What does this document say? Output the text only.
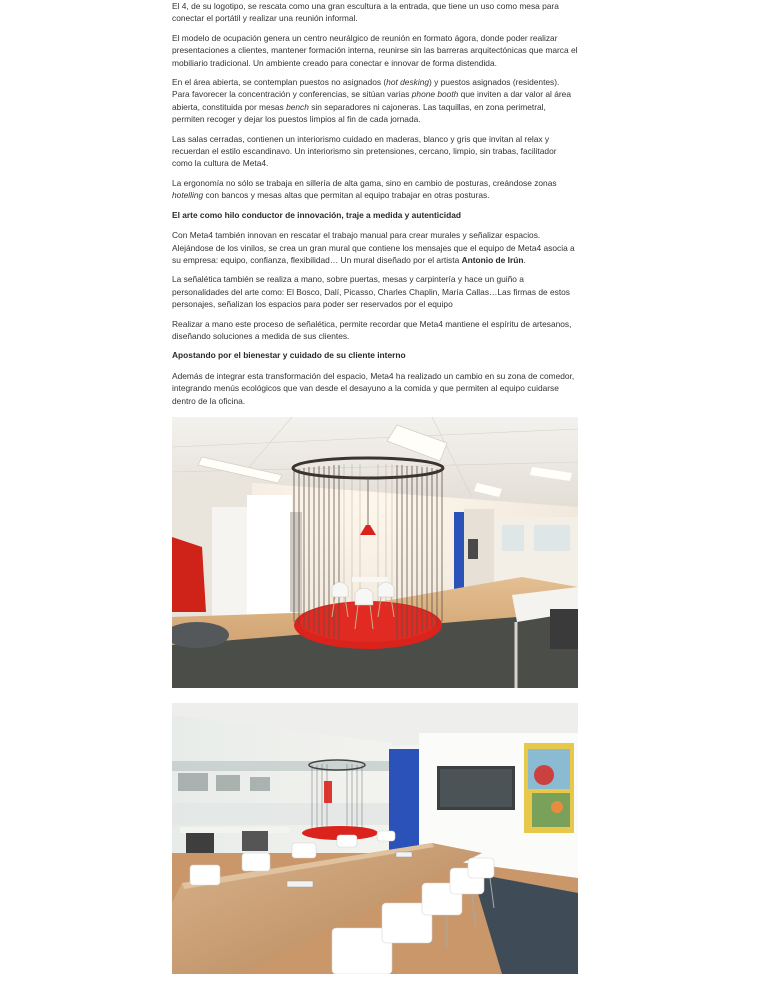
El 4, de su logotipo, se rescata como una gran escultura a la entrada, que tiene un uso como mesa para conectar el portátil y realizar una reunión informal.

El modelo de ocupación genera un centro neurálgico de reunión en formato ágora, donde poder realizar presentaciones a clientes, mantener formación interna, reunirse sin las barreras arquitectónicas que marca el mobiliario tradicional. Un ambiente creado para conectar e innovar de forma distendida.

En el área abierta, se contemplan puestos no asignados (hot desking) y puestos asignados (residentes). Para favorecer la concentración y conferencias, se sitúan varias phone booth que inviten a dar valor al área abierta, constituida por mesas bench sin separadores ni cajoneras. Las taquillas, en zona perimetral, permiten recoger y dejar los puestos limpios al fin de cada jornada.

Las salas cerradas, contienen un interiorismo cuidado en maderas, blanco y gris que invitan al relax y recuerdan el estilo escandinavo. Un interiorismo sin pretensiones, cercano, limpio, sin trabas, facilitador como la cultura de Meta4.

La ergonomía no sólo se trabaja en sillería de alta gama, sino en cambio de posturas, creándose zonas hotelling con bancos y mesas altas que permitan al equipo trabajar en otras posturas.

El arte como hilo conductor de innovación, traje a medida y autenticidad

Con Meta4 también innovan en rescatar el trabajo manual para crear murales y señalizar espacios. Alejándose de los vinilos, se crea un gran mural que contiene los mensajes que el equipo de Meta4 asocia a su empresa: equipo, confianza, flexibilidad… Un mural diseñado por el artista Antonio de Irún.

La señalética también se realiza a mano, sobre puertas, mesas y carpintería y hace un guiño a personalidades del arte como: El Bosco, Dalí, Picasso, Charles Chaplin, María Callas…Las firmas de estos personajes, señalizan los espacios para poder ser reservados por el equipo

Realizar a mano este proceso de señalética, permite recordar que Meta4 mantiene el espíritu de artesanos, diseñando soluciones a medida de sus clientes.

Apostando por el bienestar y cuidado de su cliente interno

Además de integrar esta transformación del espacio, Meta4 ha realizado un cambio en su zona de comedor, integrando menús ecológicos que van desde el desayuno a la comida y que permiten al equipo cuidarse dentro de la oficina.
